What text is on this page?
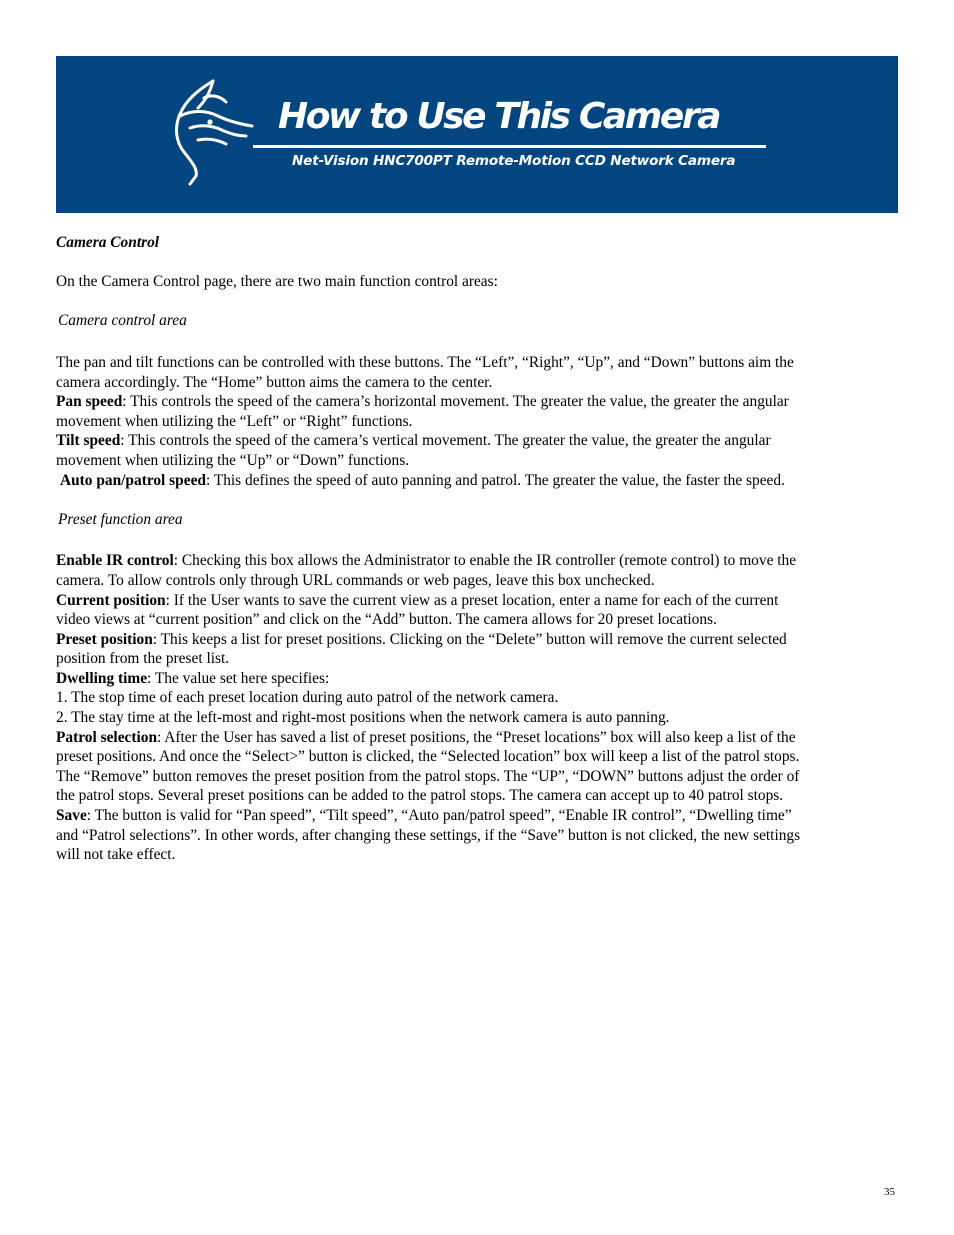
How to Use This Camera
Net-Vision HNC700PT Remote-Motion CCD Network Camera

Camera Control

On the Camera Control page, there are two main function control areas:

Camera control area

The pan and tilt functions can be controlled with these buttons. The “Left”, “Right”, “Up”, and “Down” buttons aim the

camera accordingly. The “Home” button aims the camera to the center.

Pan speed: This controls the speed of the camera’s horizontal movement. The greater the value, the greater the angular

movement when utilizing the “Left” or “Right” functions.

Tilt speed: This controls the speed of the camera’s vertical movement. The greater the value, the greater the angular

movement when utilizing the “Up” or “Down” functions.

Auto pan/patrol speed: This defines the speed of auto panning and patrol. The greater the value, the faster the speed.

Preset function area

Enable IR control: Checking this box allows the Administrator to enable the IR controller (remote control) to move the

camera. To allow controls only through URL commands or web pages, leave this box unchecked.

Current position: If the User wants to save the current view as a preset location, enter a name for each of the current

video views at “current position” and click on the “Add” button. The camera allows for 20 preset locations.

Preset position: This keeps a list for preset positions. Clicking on the “Delete” button will remove the current selected

position from the preset list.

Dwelling time: The value set here specifies:

1. The stop time of each preset location during auto patrol of the network camera.

2. The stay time at the left-most and right-most positions when the network camera is auto panning.

Patrol selection: After the User has saved a list of preset positions, the “Preset locations” box will also keep a list of the

preset positions. And once the “Select>” button is clicked, the “Selected location” box will keep a list of the patrol stops.

The “Remove” button removes the preset position from the patrol stops. The “UP”, “DOWN” buttons adjust the order of

the patrol stops. Several preset positions can be added to the patrol stops. The camera can accept up to 40 patrol stops.

Save: The button is valid for “Pan speed”, “Tilt speed”, “Auto pan/patrol speed”, “Enable IR control”, “Dwelling time”

and “Patrol selections”. In other words, after changing these settings, if the “Save” button is not clicked, the new settings

will not take effect.

35
